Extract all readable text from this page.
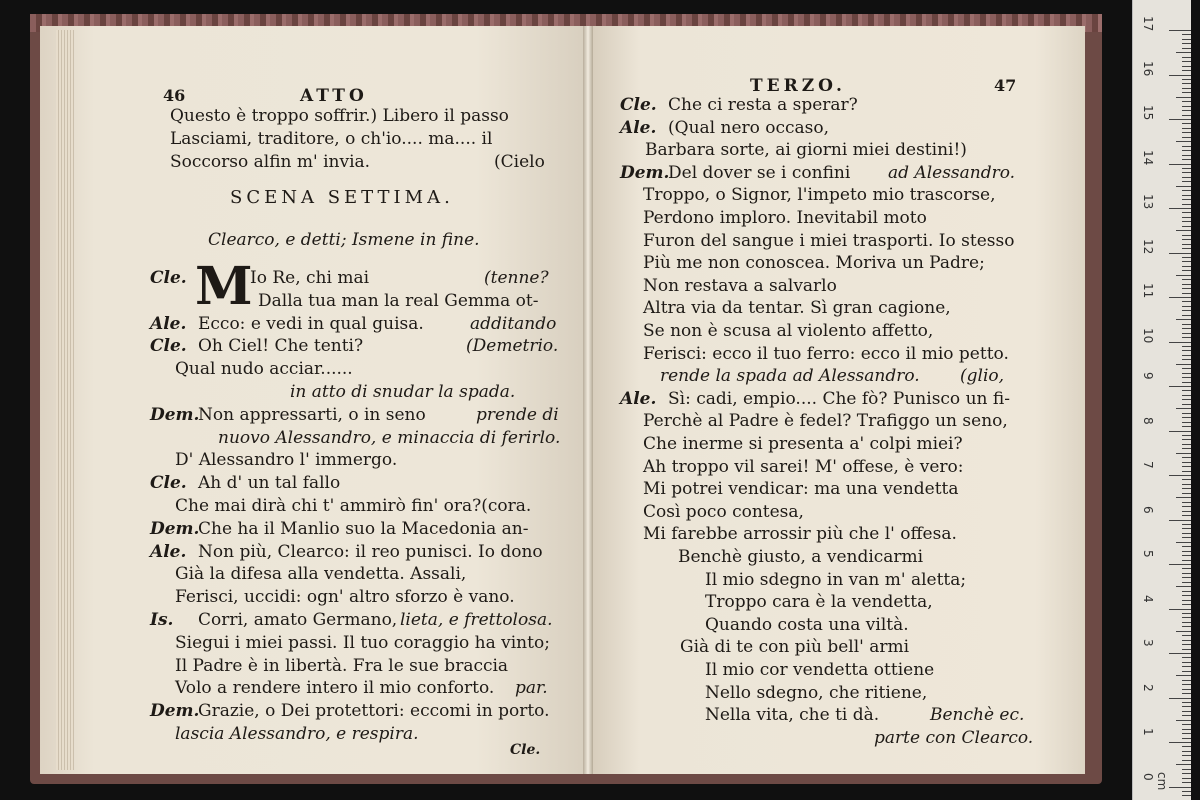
46	ATTO
Questo è troppo soffrir.) Libero il passo
Lasciami, traditore, o ch'io.... ma.... il
Soccorso alfin m' invia.	(Cielo
SCENA SETTIMA.
Clearco, e detti; Ismene in fine.
Cle.	Io Re, chi mai	(tenne?
Dalla tua man la real Gemma ot-
Ale. Ecco: e vedi in qual guisa.	additando
Cle. Oh Ciel! Che tenti?	(Demetrio.
Qual nudo acciar......
in atto di snudar la spada.
Dem.
Non appressarti, o in seno	prende di
nuovo Alessandro, e minaccia di ferirlo.
D' Alessandro l' immergo.
Cle. Ah d' un tal fallo
Che mai dirà chi t' ammirò fin' ora?(cora.
Dem.
Che ha il Manlio suo la Macedonia an-
Ale. Non più, Clearco: il reo punisci. Io dono
Già la difesa alla vendetta. Assali,
Ferisci, uccidi: ogn' altro sforzo è vano.
Is. Corri, amato Germano, lieta, e frettolosa.
Siegui i miei passi. Il tuo coraggio ha vinto;
Il Padre è in libertà. Fra le sue braccia
Volo a rendere intero il mio conforto. par.
Dem.
Grazie, o Dei protettori: eccomi in porto.
lascia Alessandro, e respira.
M
Cle.
TERZO.	47
Cle. Che ci resta a sperar?
Ale. (Qual nero occaso,
Barbara sorte, ai giorni miei destini!)
Dem.
Del dover se i confini ad Alessandro.
Troppo, o Signor, l'impeto mio trascorse,
Perdono imploro. Inevitabil moto
Furon del sangue i miei trasporti. Io stesso
Più me non conoscea. Moriva un Padre;
Non restava a salvarlo
Altra via da tentar. Sì gran cagione,
Se non è scusa al violento affetto,
Ferisci: ecco il tuo ferro: ecco il mio petto.
rende la spada ad Alessandro. (glio,
Ale. Sì: cadi, empio.... Che fò? Punisco un fi-
Perchè al Padre è fedel? Trafiggo un seno,
Che inerme si presenta a' colpi miei?
Ah troppo vil sarei! M' offese, è vero:
Mi potrei vendicar: ma una vendetta
Così poco contesa,
Mi farebbe arrossir più che l' offesa.
Benchè giusto, a vendicarmi
Il mio sdegno in van m' aletta;
Troppo cara è la vendetta,
Quando costa una viltà.
Già di te con più bell' armi
Il mio cor vendetta ottiene
Nello sdegno, che ritiene,
Nella vita, che ti dà.	Benchè ec.
parte con Clearco.
17
16
15
14
13
12
11
10
9
8
7
6
5
4
3
2
1
0 cm
